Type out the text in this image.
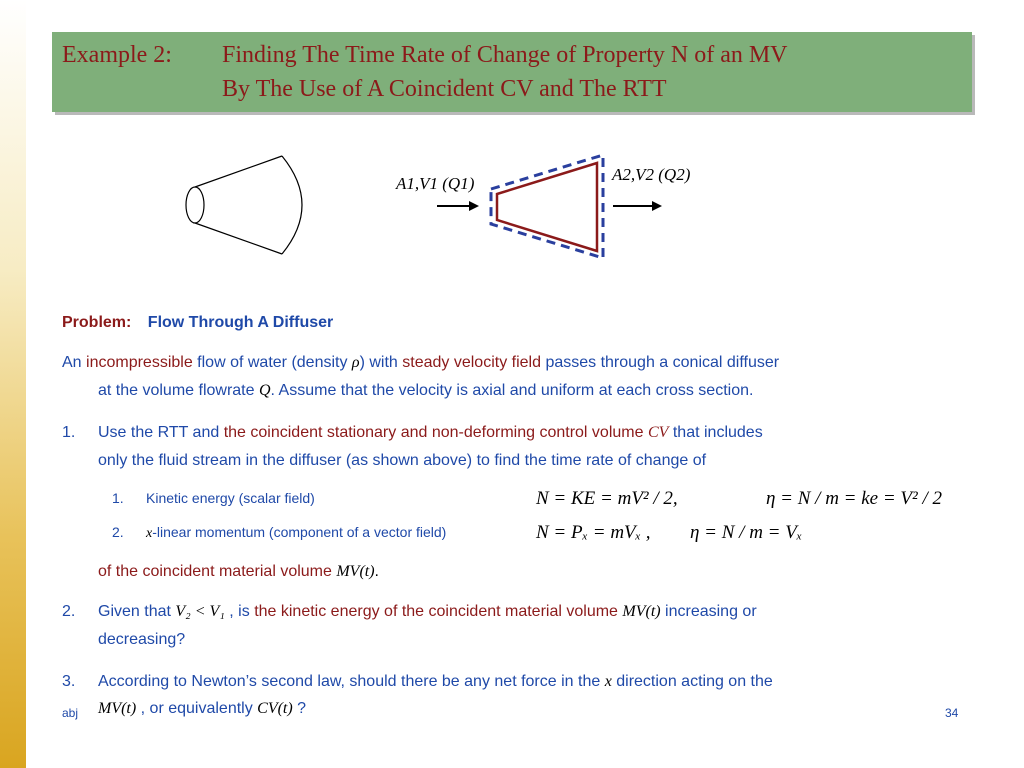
Example 2: Finding The Time Rate of Change of Property N of an MV
By The Use of A Coincident CV and The RTT
A1,V1 (Q1)	A2,V2 (Q2)
Problem: Flow Through A Diffuser
An incompressible flow of water (density ρ) with steady velocity field passes through a conical diffuser
at the volume flowrate Q. Assume that the velocity is axial and uniform at each cross section.
1. Use the RTT and the coincident stationary and non-deforming control volume CV that includes
only the fluid stream in the diffuser (as shown above) to find the time rate of change of
1. Kinetic energy (scalar field)	N = KE = mV² / 2,	η = N / m = ke = V² / 2
2. x-linear momentum (component of a vector field)	N = Pₓ = mVₓ , η = N / m = Vₓ
of the coincident material volume MV(t).
2. Given that V₂ < V₁ , is the kinetic energy of the coincident material volume MV(t) increasing or
decreasing?
3. According to Newton’s second law, should there be any net force in the x direction acting on the
MV(t) , or equivalently CV(t) ?
abj	34
